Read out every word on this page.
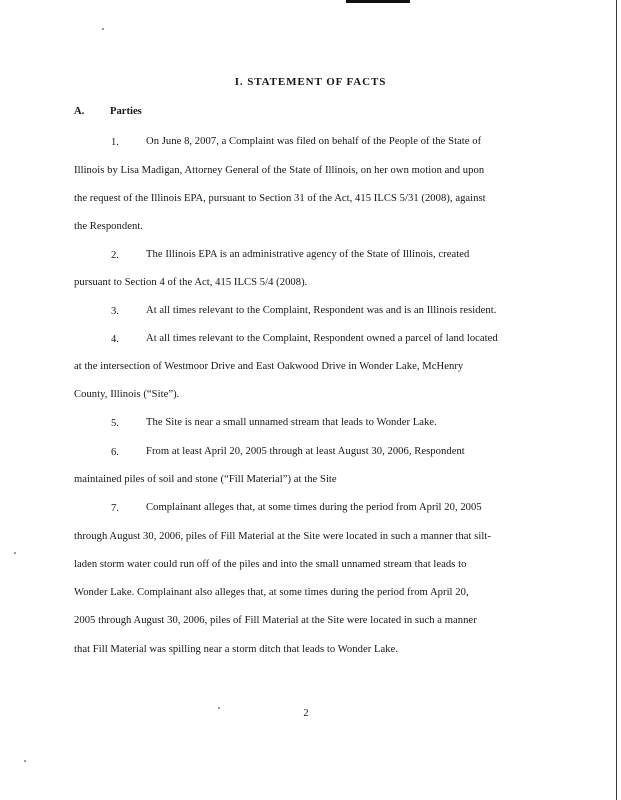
I. STATEMENT OF FACTS
A. Parties
1.	On June 8, 2007, a Complaint was filed on behalf of the People of the State of
Illinois by Lisa Madigan, Attorney General of the State of Illinois, on her own motion and upon
the request of the Illinois EPA, pursuant to Section 31 of the Act, 415 ILCS 5/31 (2008), against
the Respondent.
2.	The Illinois EPA is an administrative agency of the State of Illinois, created
pursuant to Section 4 of the Act, 415 ILCS 5/4 (2008).
3.	At all times relevant to the Complaint, Respondent was and is an Illinois resident.
4.	At all times relevant to the Complaint, Respondent owned a parcel of land located
at the intersection of Westmoor Drive and East Oakwood Drive in Wonder Lake, McHenry
County, Illinois (“Site”).
5.	The Site is near a small unnamed stream that leads to Wonder Lake.
6.	From at least April 20, 2005 through at least August 30, 2006, Respondent
maintained piles of soil and stone (“Fill Material”) at the Site
7.	Complainant alleges that, at some times during the period from April 20, 2005
through August 30, 2006, piles of Fill Material at the Site were located in such a manner that silt-
laden storm water could run off of the piles and into the small unnamed stream that leads to
Wonder Lake. Complainant also alleges that, at some times during the period from April 20,
2005 through August 30, 2006, piles of Fill Material at the Site were located in such a manner
that Fill Material was spilling near a storm ditch that leads to Wonder Lake.
2
